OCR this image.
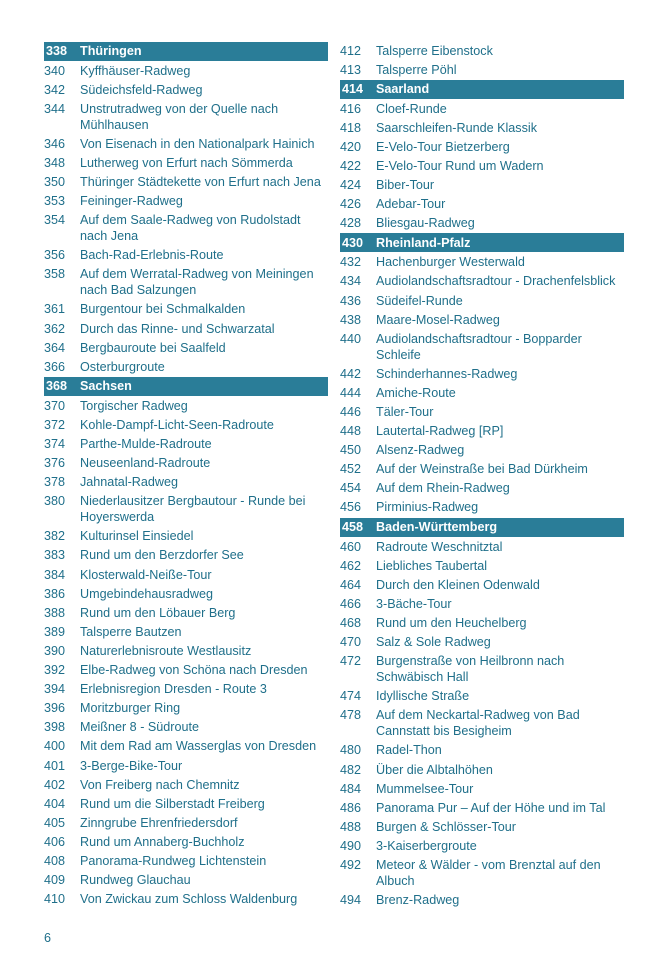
338	Thüringen
340	Kyffhäuser-Radweg
342	Südeichsfeld-Radweg
344	Unstrutradweg von der Quelle nach Mühlhausen
346	Von Eisenach in den Nationalpark Hainich
348	Lutherweg von Erfurt nach Sömmerda
350	Thüringer Städtekette von Erfurt nach Jena
353	Feininger-Radweg
354	Auf dem Saale-Radweg von Rudolstadt nach Jena
356	Bach-Rad-Erlebnis-Route
358	Auf dem Werratal-Radweg von Meiningen nach Bad Salzungen
361	Burgentour bei Schmalkalden
362	Durch das Rinne- und Schwarzatal
364	Bergbauroute bei Saalfeld
366	Osterburgroute
368	Sachsen
370	Torgischer Radweg
372	Kohle-Dampf-Licht-Seen-Radroute
374	Parthe-Mulde-Radroute
376	Neuseenland-Radroute
378	Jahnatal-Radweg
380	Niederlausitzer Bergbautour - Runde bei Hoyerswerda
382	Kulturinsel Einsiedel
383	Rund um den Berzdorfer See
384	Klosterwald-Neiße-Tour
386	Umgebindehausradweg
388	Rund um den Löbauer Berg
389	Talsperre Bautzen
390	Naturerlebnisroute Westlausitz
392	Elbe-Radweg von Schöna nach Dresden
394	Erlebnisregion Dresden - Route 3
396	Moritzburger Ring
398	Meißner 8 - Südroute
400	Mit dem Rad am Wasserglas von Dresden
401	3-Berge-Bike-Tour
402	Von Freiberg nach Chemnitz
404	Rund um die Silberstadt Freiberg
405	Zinngrube Ehrenfriedersdorf
406	Rund um Annaberg-Buchholz
408	Panorama-Rundweg Lichtenstein
409	Rundweg Glauchau
410	Von Zwickau zum Schloss Waldenburg
412	Talsperre Eibenstock
413	Talsperre Pöhl
414	Saarland
416	Cloef-Runde
418	Saarschleifen-Runde Klassik
420	E-Velo-Tour Bietzerberg
422	E-Velo-Tour Rund um Wadern
424	Biber-Tour
426	Adebar-Tour
428	Bliesgau-Radweg
430	Rheinland-Pfalz
432	Hachenburger Westerwald
434	Audiolandschaftsradtour - Drachenfelsblick
436	Südeifel-Runde
438	Maare-Mosel-Radweg
440	Audiolandschaftsradtour - Bopparder Schleife
442	Schinderhannes-Radweg
444	Amiche-Route
446	Täler-Tour
448	Lautertal-Radweg [RP]
450	Alsenz-Radweg
452	Auf der Weinstraße bei Bad Dürkheim
454	Auf dem Rhein-Radweg
456	Pirminius-Radweg
458	Baden-Württemberg
460	Radroute Weschnitztal
462	Liebliches Taubertal
464	Durch den Kleinen Odenwald
466	3-Bäche-Tour
468	Rund um den Heuchelberg
470	Salz & Sole Radweg
472	Burgenstraße von Heilbronn nach Schwäbisch Hall
474	Idyllische Straße
478	Auf dem Neckartal-Radweg von Bad Cannstatt bis Besigheim
480	Radel-Thon
482	Über die Albtalhöhen
484	Mummelsee-Tour
486	Panorama Pur – Auf der Höhe und im Tal
488	Burgen & Schlösser-Tour
490	3-Kaiserbergroute
492	Meteor & Wälder - vom Brenztal auf den Albuch
494	Brenz-Radweg
6
